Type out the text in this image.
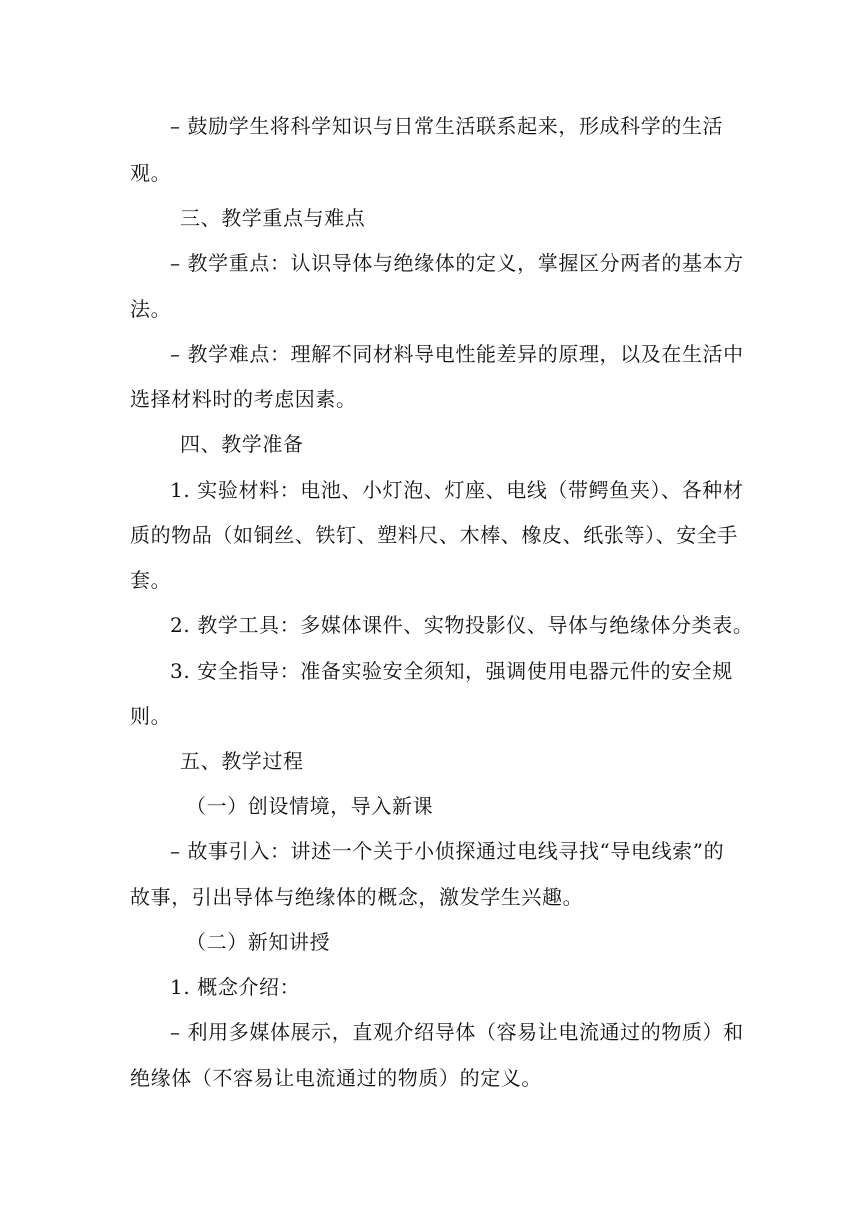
– 鼓励学生将科学知识与日常生活联系起来，形成科学的生活
观。
三、教学重点与难点
– 教学重点：认识导体与绝缘体的定义，掌握区分两者的基本方
法。
– 教学难点：理解不同材料导电性能差异的原理，以及在生活中
选择材料时的考虑因素。
四、教学准备
1. 实验材料：电池、小灯泡、灯座、电线（带鳄鱼夹）、各种材
质的物品（如铜丝、铁钉、塑料尺、木棒、橡皮、纸张等）、安全手
套。
2. 教学工具：多媒体课件、实物投影仪、导体与绝缘体分类表。
3. 安全指导：准备实验安全须知，强调使用电器元件的安全规
则。
五、教学过程
（一）创设情境，导入新课
– 故事引入：讲述一个关于小侦探通过电线寻找“导电线索”的
故事，引出导体与绝缘体的概念，激发学生兴趣。
（二）新知讲授
1. 概念介绍：
– 利用多媒体展示，直观介绍导体（容易让电流通过的物质）和
绝缘体（不容易让电流通过的物质）的定义。
